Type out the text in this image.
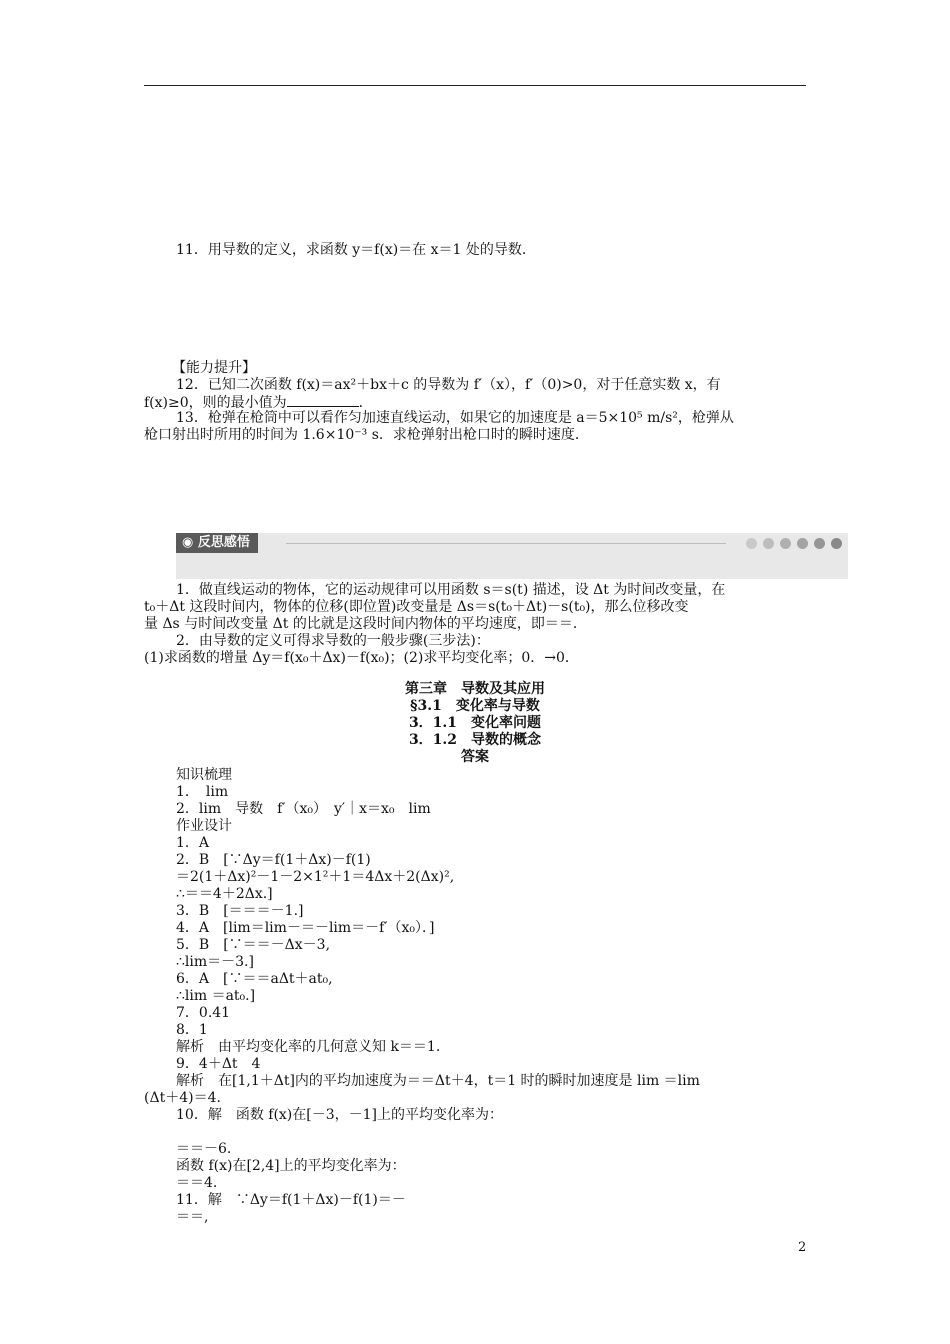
11．用导数的定义，求函数 y＝f(x)＝在 x＝1 处的导数．
【能力提升】
12．已知二次函数 f(x)＝ax²＋bx＋c 的导数为 f′（x），f′（0)>0，对于任意实数 x，有
f(x)≥0，则的最小值为	．
13．枪弹在枪筒中可以看作匀加速直线运动，如果它的加速度是 a＝5×10⁵ m/s²，枪弹从
枪口射出时所用的时间为 1.6×10⁻³ s．求枪弹射出枪口时的瞬时速度．
◉ 反思感悟
1．做直线运动的物体，它的运动规律可以用函数 s＝s(t) 描述，设 Δt 为时间改变量，在
t₀＋Δt 这段时间内，物体的位移(即位置)改变量是 Δs＝s(t₀＋Δt)－s(t₀)，那么位移改变
量 Δs 与时间改变量 Δt 的比就是这段时间内物体的平均速度，即＝＝．
2．由导数的定义可得求导数的一般步骤(三步法)：
(1)求函数的增量 Δy＝f(x₀＋Δx)－f(x₀)；(2)求平均变化率；0．→0．
第三章　导数及其应用
§3.1　变化率与导数
3．1.1　变化率问题
3．1.2　导数的概念
答案
知识梳理
1．　lim
2．lim　导数　f′（x₀）　y′｜x＝x₀　lim
作业设计
1．A
2．B　[∵Δy＝f(1＋Δx)－f(1)
＝2(1＋Δx)²－1－2×1²＋1＝4Δx＋2(Δx)²,
∴＝＝4＋2Δx.]
3．B　[＝＝＝－1.]
4．A　[lim＝lim－＝－lim＝－f′（x₀）．]
5．B　[∵＝＝－Δx－3,
∴lim＝－3.]
6．A　[∵＝＝aΔt＋at₀,
∴lim ＝at₀.]
7．0.41
8．1
解析　由平均变化率的几何意义知 k＝＝1.
9．4＋Δt　4
解析　在[1,1＋Δt]内的平均加速度为＝＝Δt＋4，t＝1 时的瞬时加速度是 lim ＝lim
(Δt＋4)＝4.
10．解　函数 f(x)在[－3，－1]上的平均变化率为：
＝＝－6.
函数 f(x)在[2,4]上的平均变化率为：
＝＝4.
11．解　∵Δy＝f(1＋Δx)－f(1)＝－
＝＝,
2
